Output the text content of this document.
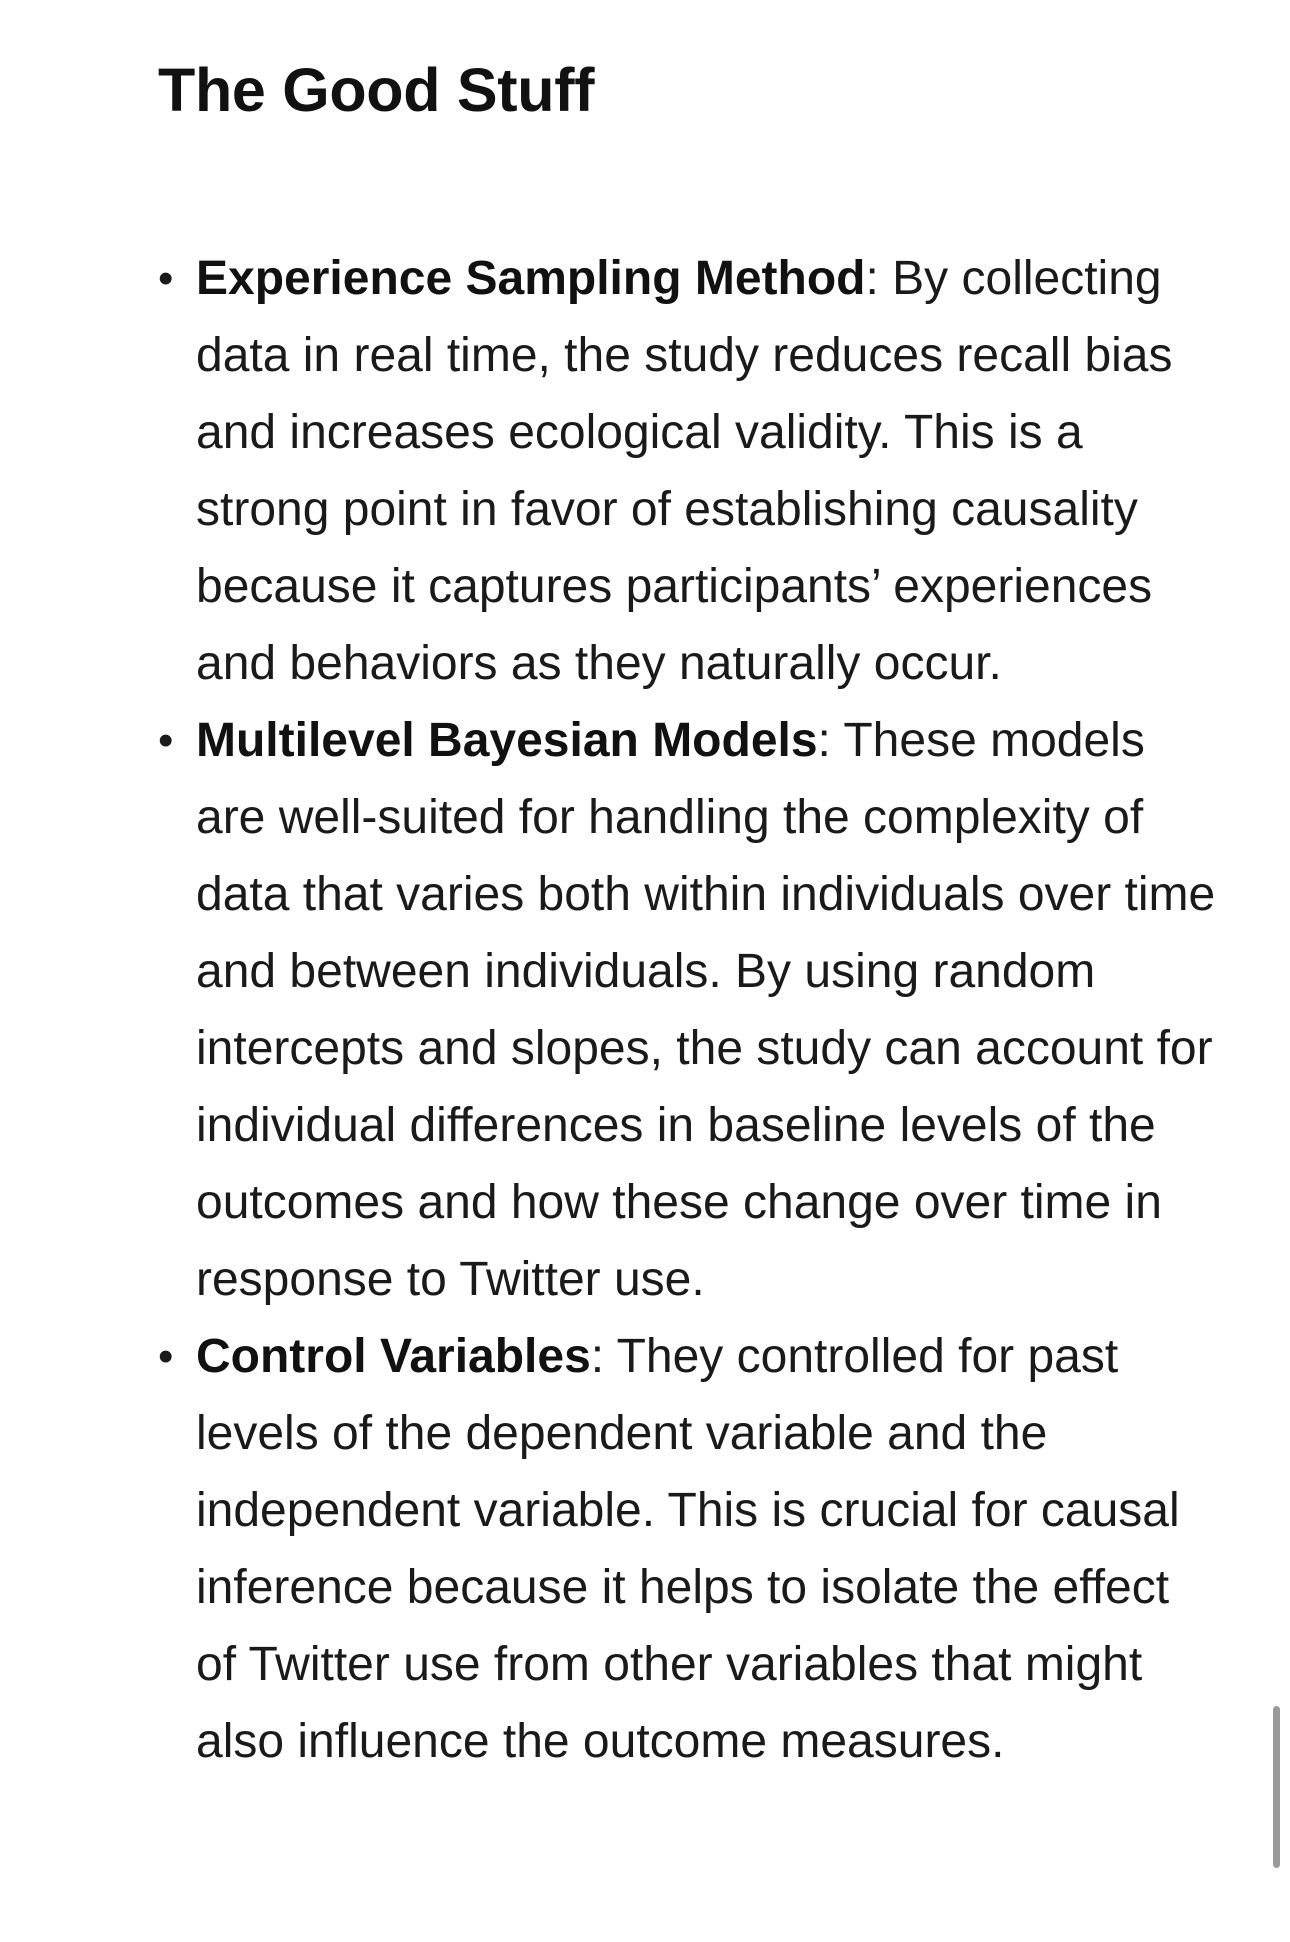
The Good Stuff
• Experience Sampling Method: By collecting data in real time, the study reduces recall bias and increases ecological validity. This is a strong point in favor of establishing causality because it captures participants’ experiences and behaviors as they naturally occur.
• Multilevel Bayesian Models: These models are well-suited for handling the complexity of data that varies both within individuals over time and between individuals. By using random intercepts and slopes, the study can account for individual differences in baseline levels of the outcomes and how these change over time in response to Twitter use.
• Control Variables: They controlled for past levels of the dependent variable and the independent variable. This is crucial for causal inference because it helps to isolate the effect of Twitter use from other variables that might also influence the outcome measures.
